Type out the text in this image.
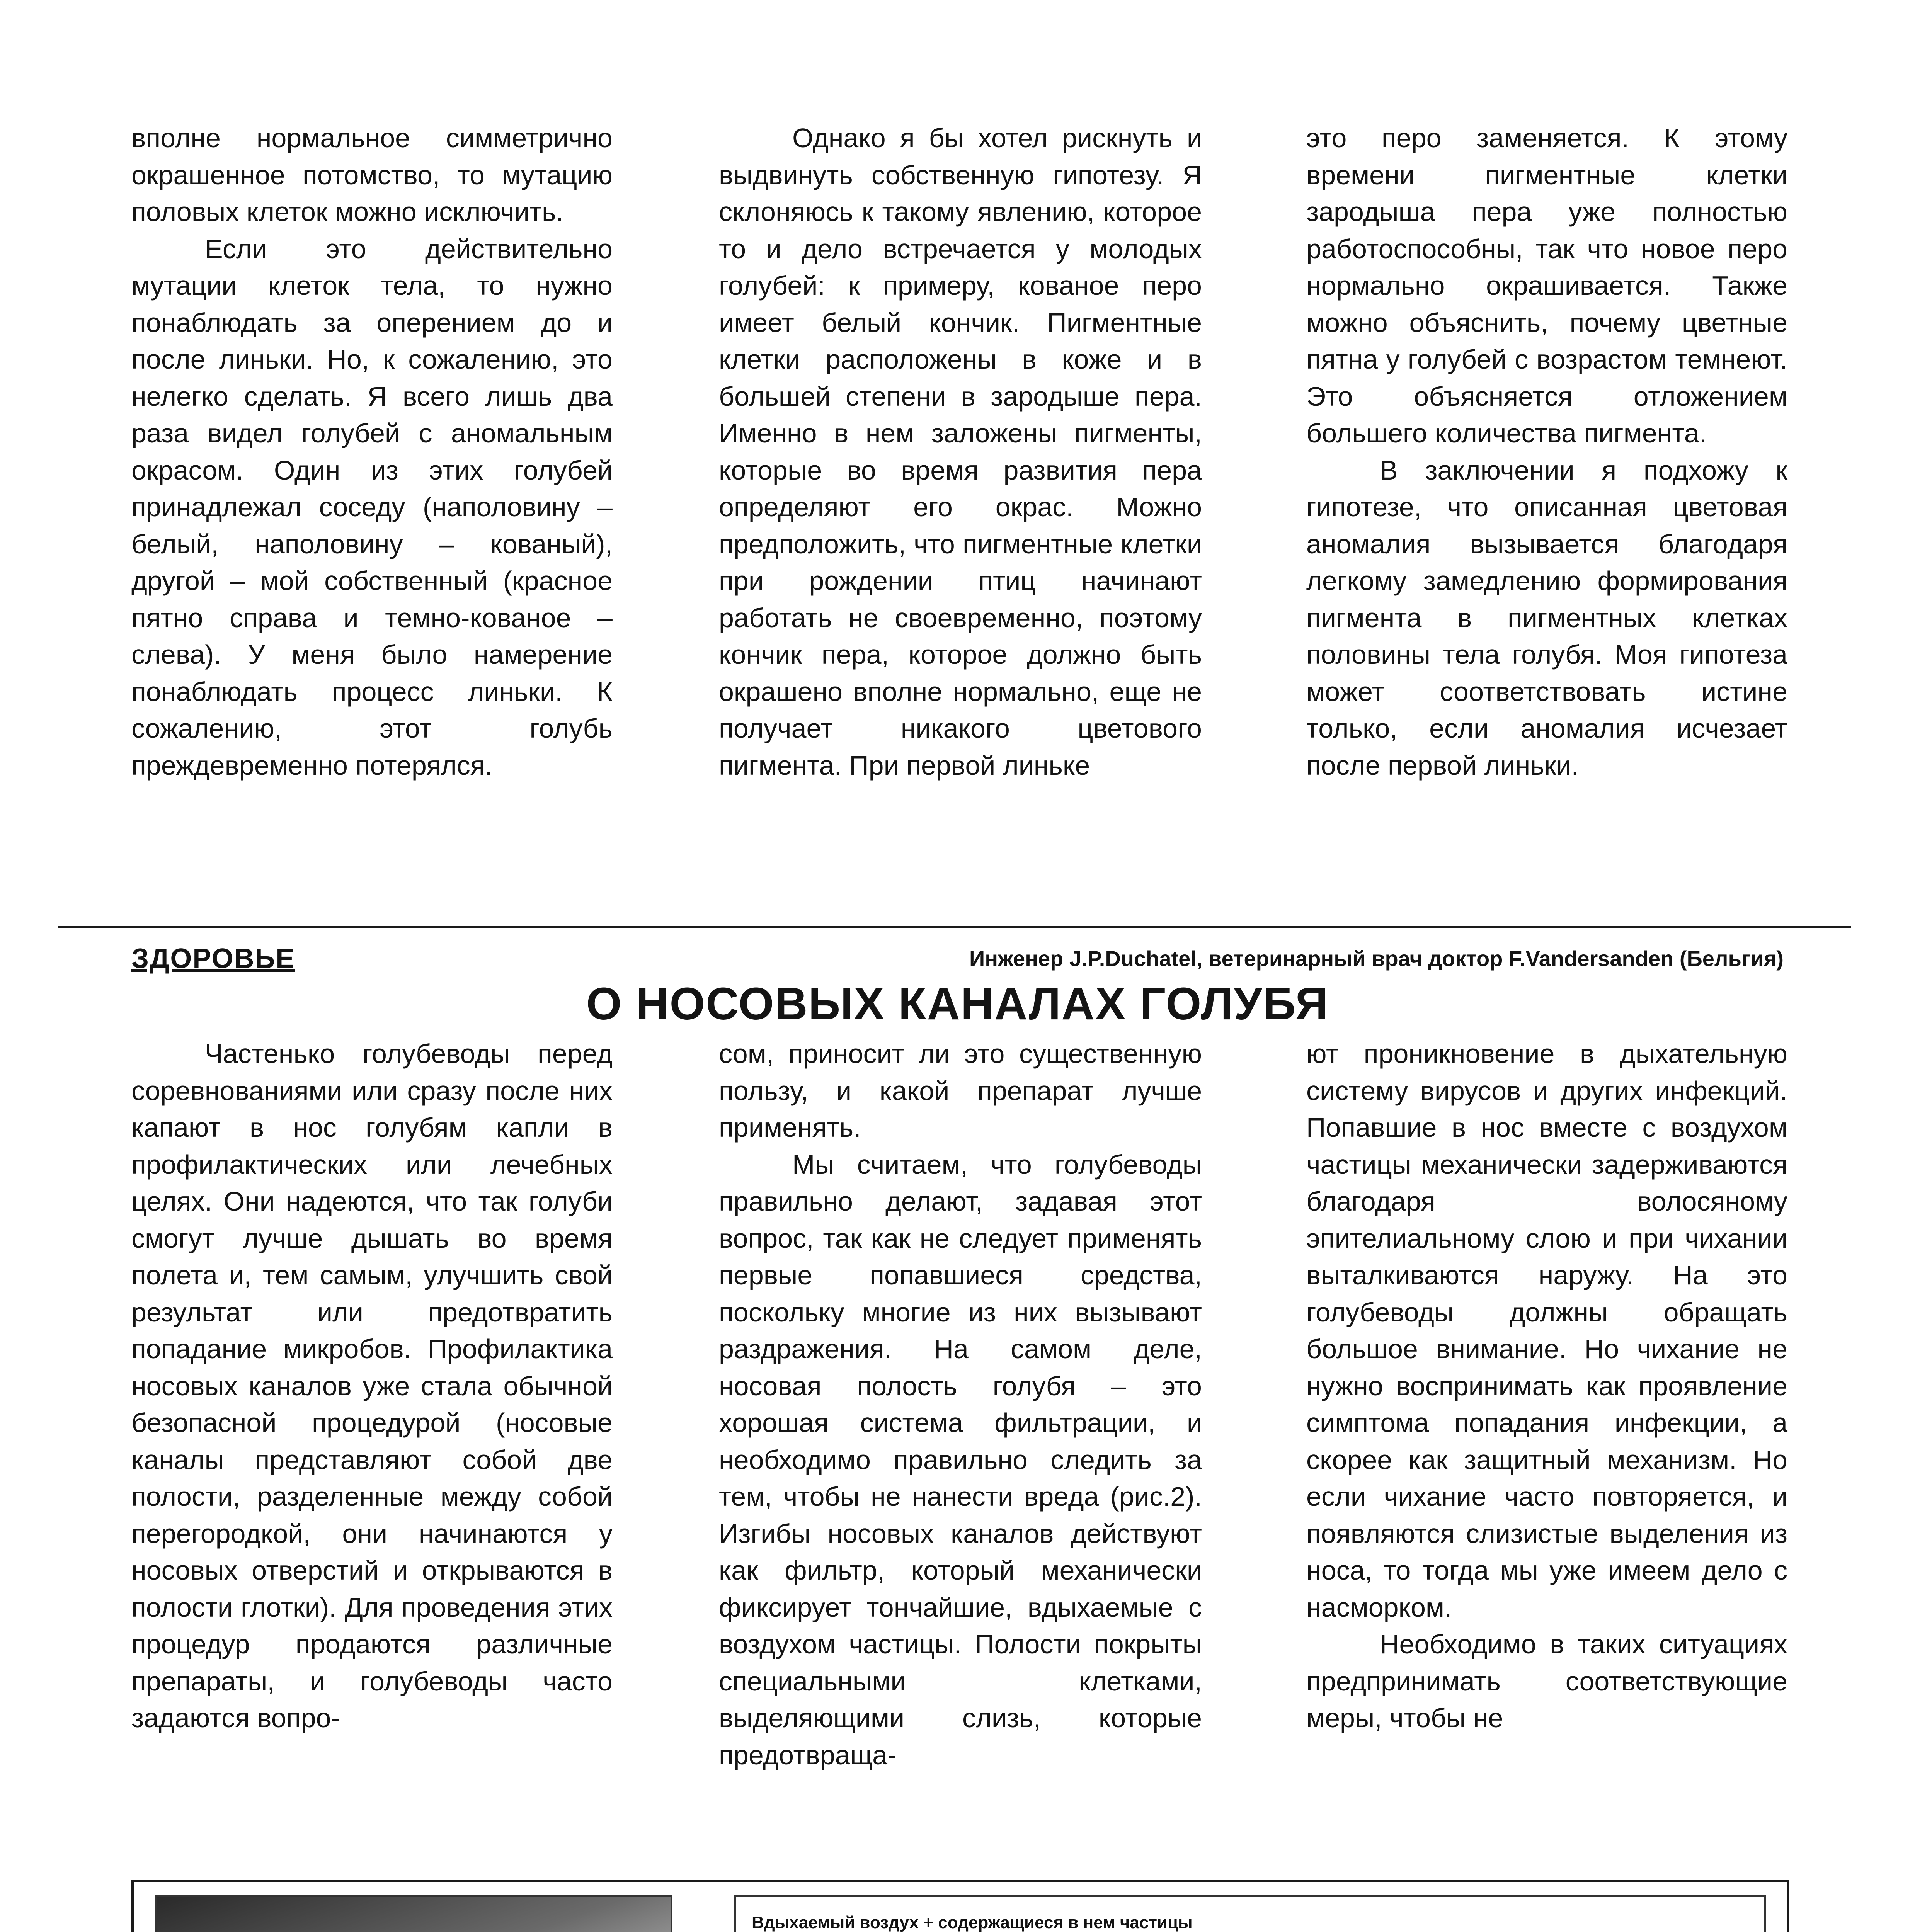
вполне нормальное симметрично окрашенное потомство, то мутацию половых клеток можно исключить.

Если это действительно мутации клеток тела, то нужно понаблюдать за оперением до и после линьки. Но, к сожалению, это нелегко сделать. Я всего лишь два раза видел голубей с аномальным окрасом. Один из этих голубей принадлежал соседу (наполовину – белый, наполовину – кованый), другой – мой собственный (красное пятно справа и темно-кованое – слева). У меня было намерение понаблюдать процесс линьки. К сожалению, этот голубь преждевременно потерялся.

Однако я бы хотел рискнуть и выдвинуть собственную гипотезу. Я склоняюсь к такому явлению, которое то и дело встречается у молодых голубей: к примеру, кованое перо имеет белый кончик. Пигментные клетки расположены в коже и в большей степени в зародыше пера. Именно в нем заложены пигменты, которые во время развития пера определяют его окрас. Можно предположить, что пигментные клетки при рождении птиц начинают работать не своевременно, поэтому кончик пера, которое должно быть окрашено вполне нормально, еще не получает никакого цветового пигмента. При первой линьке

это перо заменяется. К этому времени пигментные клетки зародыша пера уже полностью работоспособны, так что новое перо нормально окрашивается. Также можно объяснить, почему цветные пятна у голубей с возрастом темнеют. Это объясняется отложением большего количества пигмента.

В заключении я подхожу к гипотезе, что описанная цветовая аномалия вызывается благодаря легкому замедлению формирования пигмента в пигментных клетках половины тела голубя. Моя гипотеза может соответствовать истине только, если аномалия исчезает после первой линьки.

ЗДОРОВЬЕ	Инженер J.P.Duchatel, ветеринарный врач доктор F.Vandersanden (Бельгия)
О НОСОВЫХ КАНАЛАХ ГОЛУБЯ

Частенько голубеводы перед соревнованиями или сразу после них капают в нос голубям капли в профилактических или лечебных целях. Они надеются, что так голуби смогут лучше дышать во время полета и, тем самым, улучшить свой результат или предотвратить попадание микробов. Профилактика носовых каналов уже стала обычной безопасной процедурой (носовые каналы представляют собой две полости, разделенные между собой перегородкой, они начинаются у носовых отверстий и открываются в полости глотки). Для проведения этих процедур продаются различные препараты, и голубеводы часто задаются вопро-

сом, приносит ли это существенную пользу, и какой препарат лучше применять.

Мы считаем, что голубеводы правильно делают, задавая этот вопрос, так как не следует применять первые попавшиеся средства, поскольку многие из них вызывают раздражения. На самом деле, носовая полость голубя – это хорошая система фильтрации, и необходимо правильно следить за тем, чтобы не нанести вреда (рис.2). Изгибы носовых каналов действуют как фильтр, который механически фиксирует тончайшие, вдыхаемые с воздухом частицы. Полости покрыты специальными клетками, выделяющими слизь, которые предотвраща-

ют проникновение в дыхательную систему вирусов и других инфекций. Попавшие в нос вместе с воздухом частицы механически задерживаются благодаря волосяному эпителиальному слою и при чихании выталкиваются наружу. На это голубеводы должны обращать большое внимание. Но чихание не нужно воспринимать как проявление симптома попадания инфекции, а скорее как защитный механизм. Но если чихание часто повторяется, и появляются слизистые выделения из носа, то тогда мы уже имеем дело с насморком.

Необходимо в таких ситуациях предпринимать соответствующие меры, чтобы не

Вдыхаемый воздух + содержащиеся в нем частицы
